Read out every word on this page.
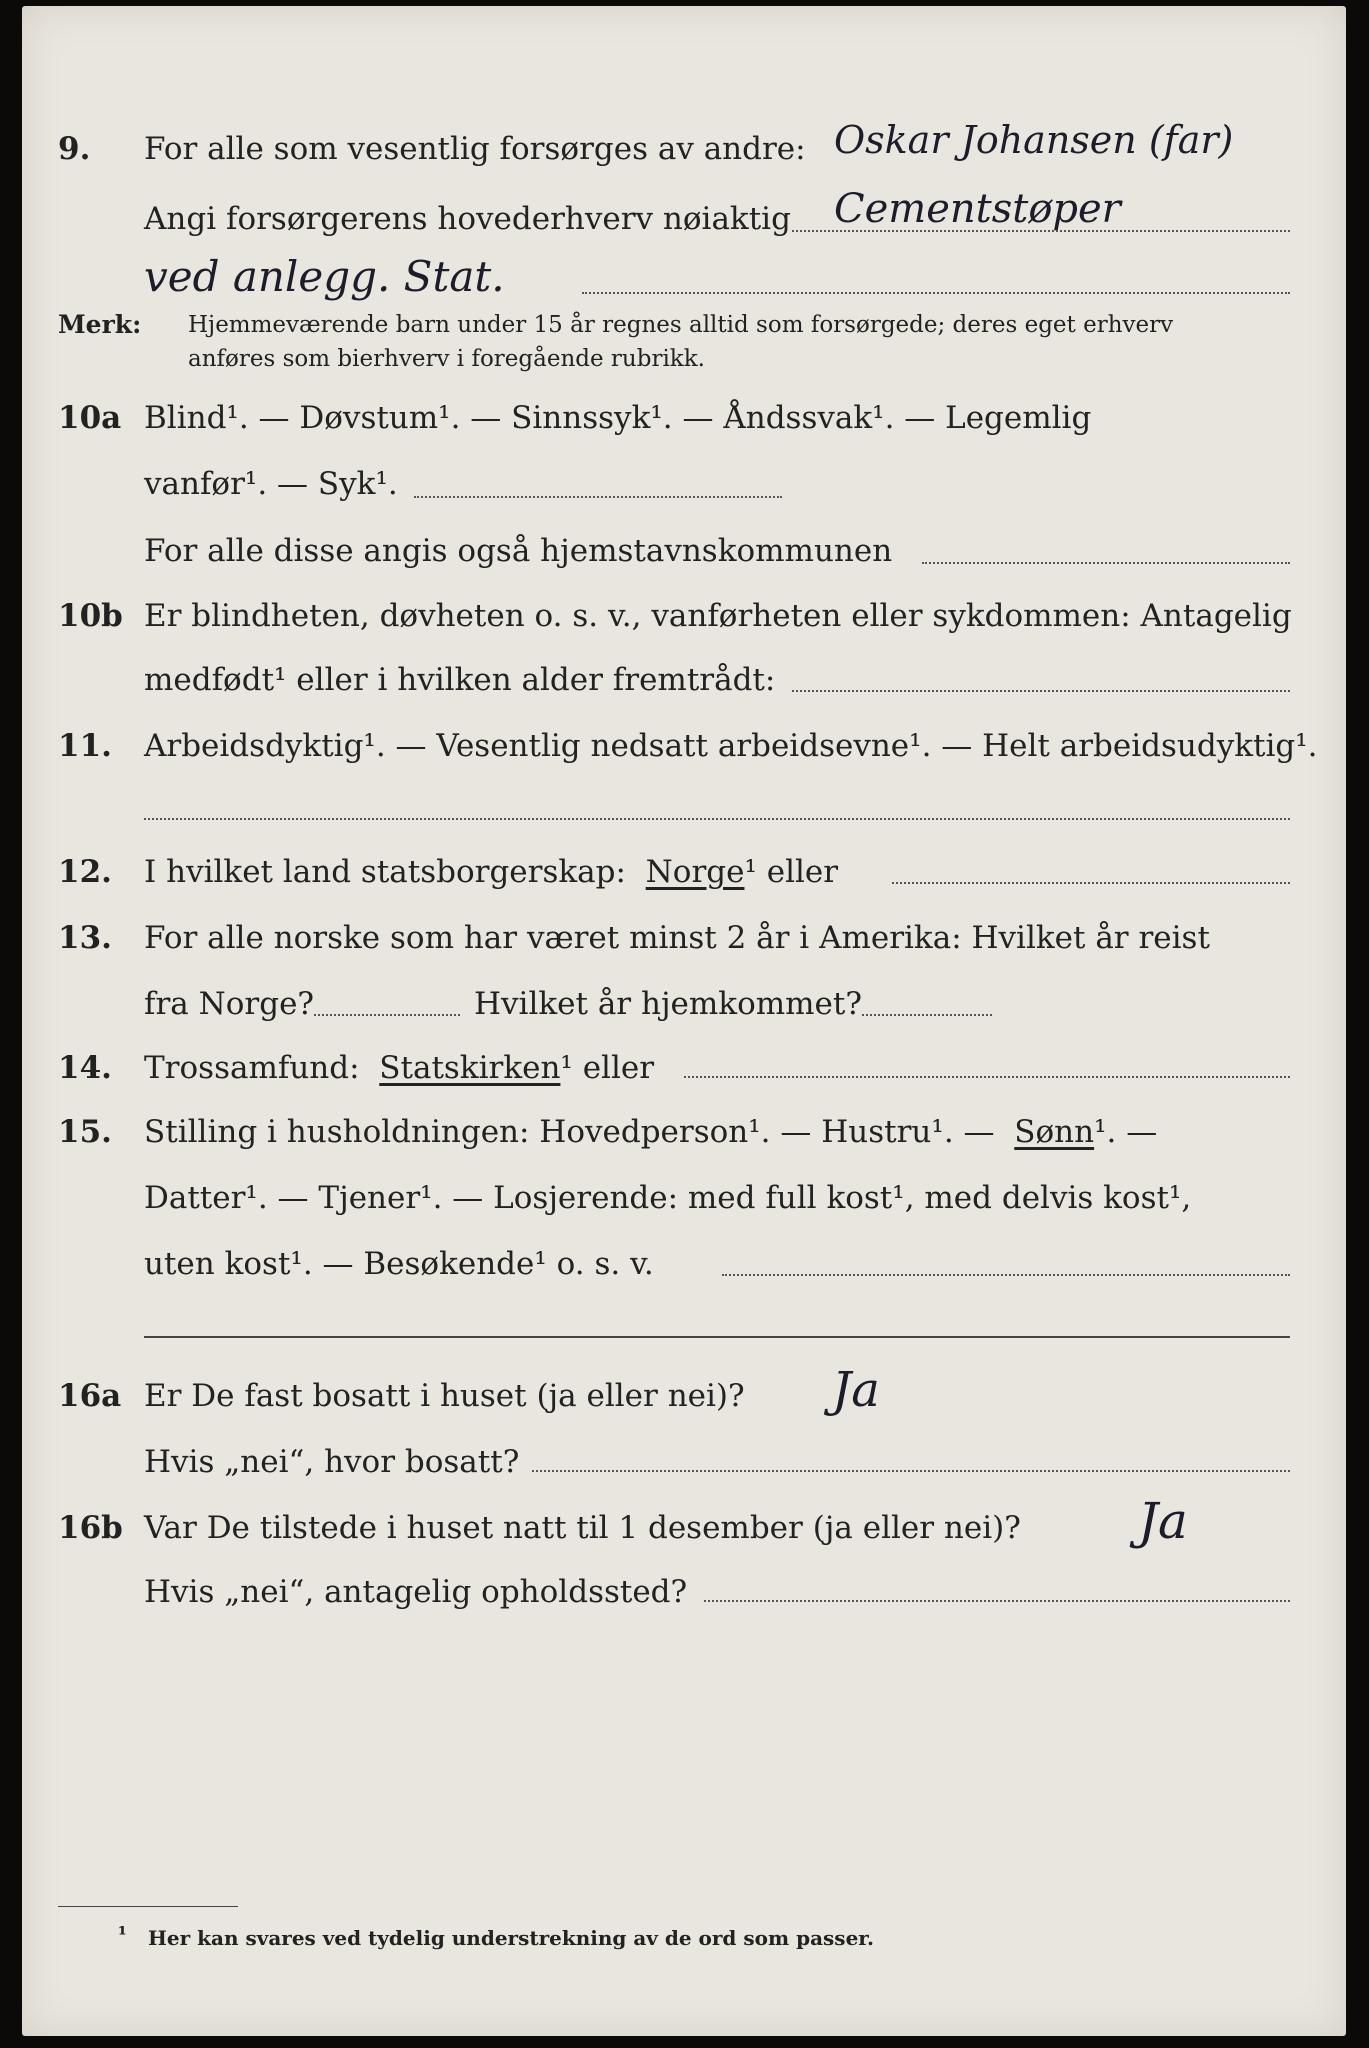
9. For alle som vesentlig forsørges av andre: Oskar Johansen (far)
Angi forsørgerens hovederhverv nøiaktig Cementstøper
ved anlegg. Stat.
Merk: Hjemmeværende barn under 15 år regnes alltid som forsørgede; deres eget erhverv
anføres som bierhverv i foregående rubrikk.
10a Blind¹. — Døvstum¹. — Sinnssyk¹. — Åndssvak¹. — Legemlig
vanfør¹. — Syk¹.
For alle disse angis også hjemstavnskommunen
10b Er blindheten, døvheten o. s. v., vanførheten eller sykdommen: Antagelig
medfødt¹ eller i hvilken alder fremtrådt:
11. Arbeidsdyktig¹. — Vesentlig nedsatt arbeidsevne¹. — Helt arbeidsudyktig¹.
12. I hvilket land statsborgerskap: Norge¹ eller
13. For alle norske som har været minst 2 år i Amerika: Hvilket år reist
fra Norge?	Hvilket år hjemkommet?
14. Trossamfund: Statskirken¹ eller
15. Stilling i husholdningen: Hovedperson¹. — Hustru¹. — Sønn¹. —
Datter¹. — Tjener¹. — Losjerende: med full kost¹, med delvis kost¹,
uten kost¹. — Besøkende¹ o. s. v.
16a Er De fast bosatt i huset (ja eller nei)? Ja
Hvis „nei“, hvor bosatt?
16b Var De tilstede i huset natt til 1 desember (ja eller nei)? Ja
Hvis „nei“, antagelig opholdssted?
¹ Her kan svares ved tydelig understrekning av de ord som passer.
